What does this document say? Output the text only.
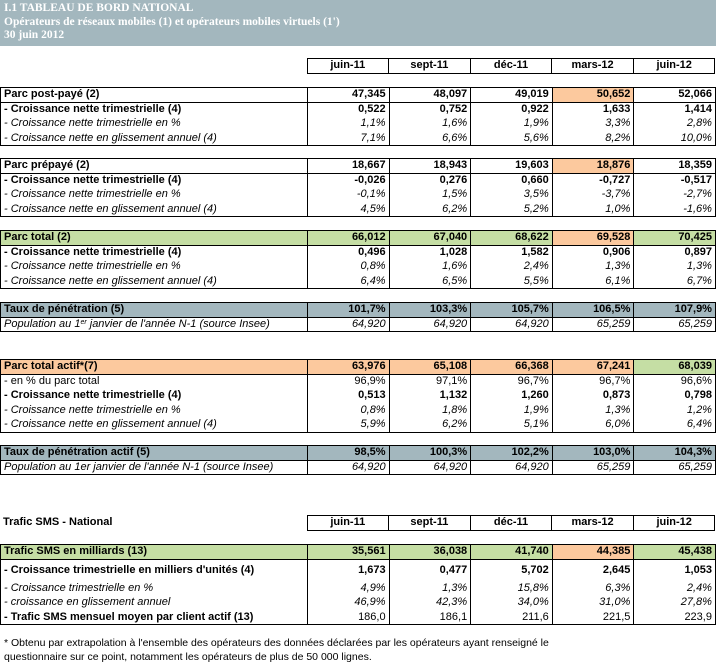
I.1 TABLEAU DE BORD NATIONAL
Opérateurs de réseaux mobiles (1) et opérateurs mobiles virtuels (1')
30 juin 2012
	juin-11	sept-11	déc-11	mars-12	juin-12
Parc post-payé (2)	47,345	48,097	49,019	50,652	52,066
- Croissance nette trimestrielle (4)	0,522	0,752	0,922	1,633	1,414
- Croissance nette trimestrielle en %	1,1%	1,6%	1,9%	3,3%	2,8%
- Croissance nette en glissement annuel (4)	7,1%	6,6%	5,6%	8,2%	10,0%
Parc prépayé (2)	18,667	18,943	19,603	18,876	18,359
- Croissance nette trimestrielle (4)	-0,026	0,276	0,660	-0,727	-0,517
- Croissance nette trimestrielle en %	-0,1%	1,5%	3,5%	-3,7%	-2,7%
- Croissance nette en glissement annuel (4)	4,5%	6,2%	5,2%	1,0%	-1,6%
Parc total (2)	66,012	67,040	68,622	69,528	70,425
- Croissance nette trimestrielle (4)	0,496	1,028	1,582	0,906	0,897
- Croissance nette trimestrielle en %	0,8%	1,6%	2,4%	1,3%	1,3%
- Croissance nette en glissement annuel (4)	6,4%	6,5%	5,5%	6,1%	6,7%
Taux de pénétration (5)	101,7%	103,3%	105,7%	106,5%	107,9%
Population au 1er janvier de l'année N-1 (source Insee)	64,920	64,920	64,920	65,259	65,259
Parc total actif*(7)	63,976	65,108	66,368	67,241	68,039
- en % du parc total	96,9%	97,1%	96,7%	96,7%	96,6%
- Croissance nette trimestrielle (4)	0,513	1,132	1,260	0,873	0,798
- Croissance nette trimestrielle en %	0,8%	1,8%	1,9%	1,3%	1,2%
- Croissance nette en glissement annuel (4)	5,9%	6,2%	5,1%	6,0%	6,4%
Taux de pénétration actif (5)	98,5%	100,3%	102,2%	103,0%	104,3%
Population au 1er janvier de l'année N-1 (source Insee)	64,920	64,920	64,920	65,259	65,259
Trafic SMS - National	juin-11	sept-11	déc-11	mars-12	juin-12
Trafic SMS en milliards (13)	35,561	36,038	41,740	44,385	45,438
- Croissance trimestrielle en milliers d'unités (4)	1,673	0,477	5,702	2,645	1,053
- Croissance trimestrielle en %	4,9%	1,3%	15,8%	6,3%	2,4%
- croissance en glissement annuel	46,9%	42,3%	34,0%	31,0%	27,8%
- Trafic SMS mensuel moyen par client actif (13)	186,0	186,1	211,6	221,5	223,9
* Obtenu par extrapolation à l'ensemble des opérateurs des données déclarées par les opérateurs ayant renseigné le
questionnaire sur ce point, notamment les opérateurs de plus de 50 000 lignes.
